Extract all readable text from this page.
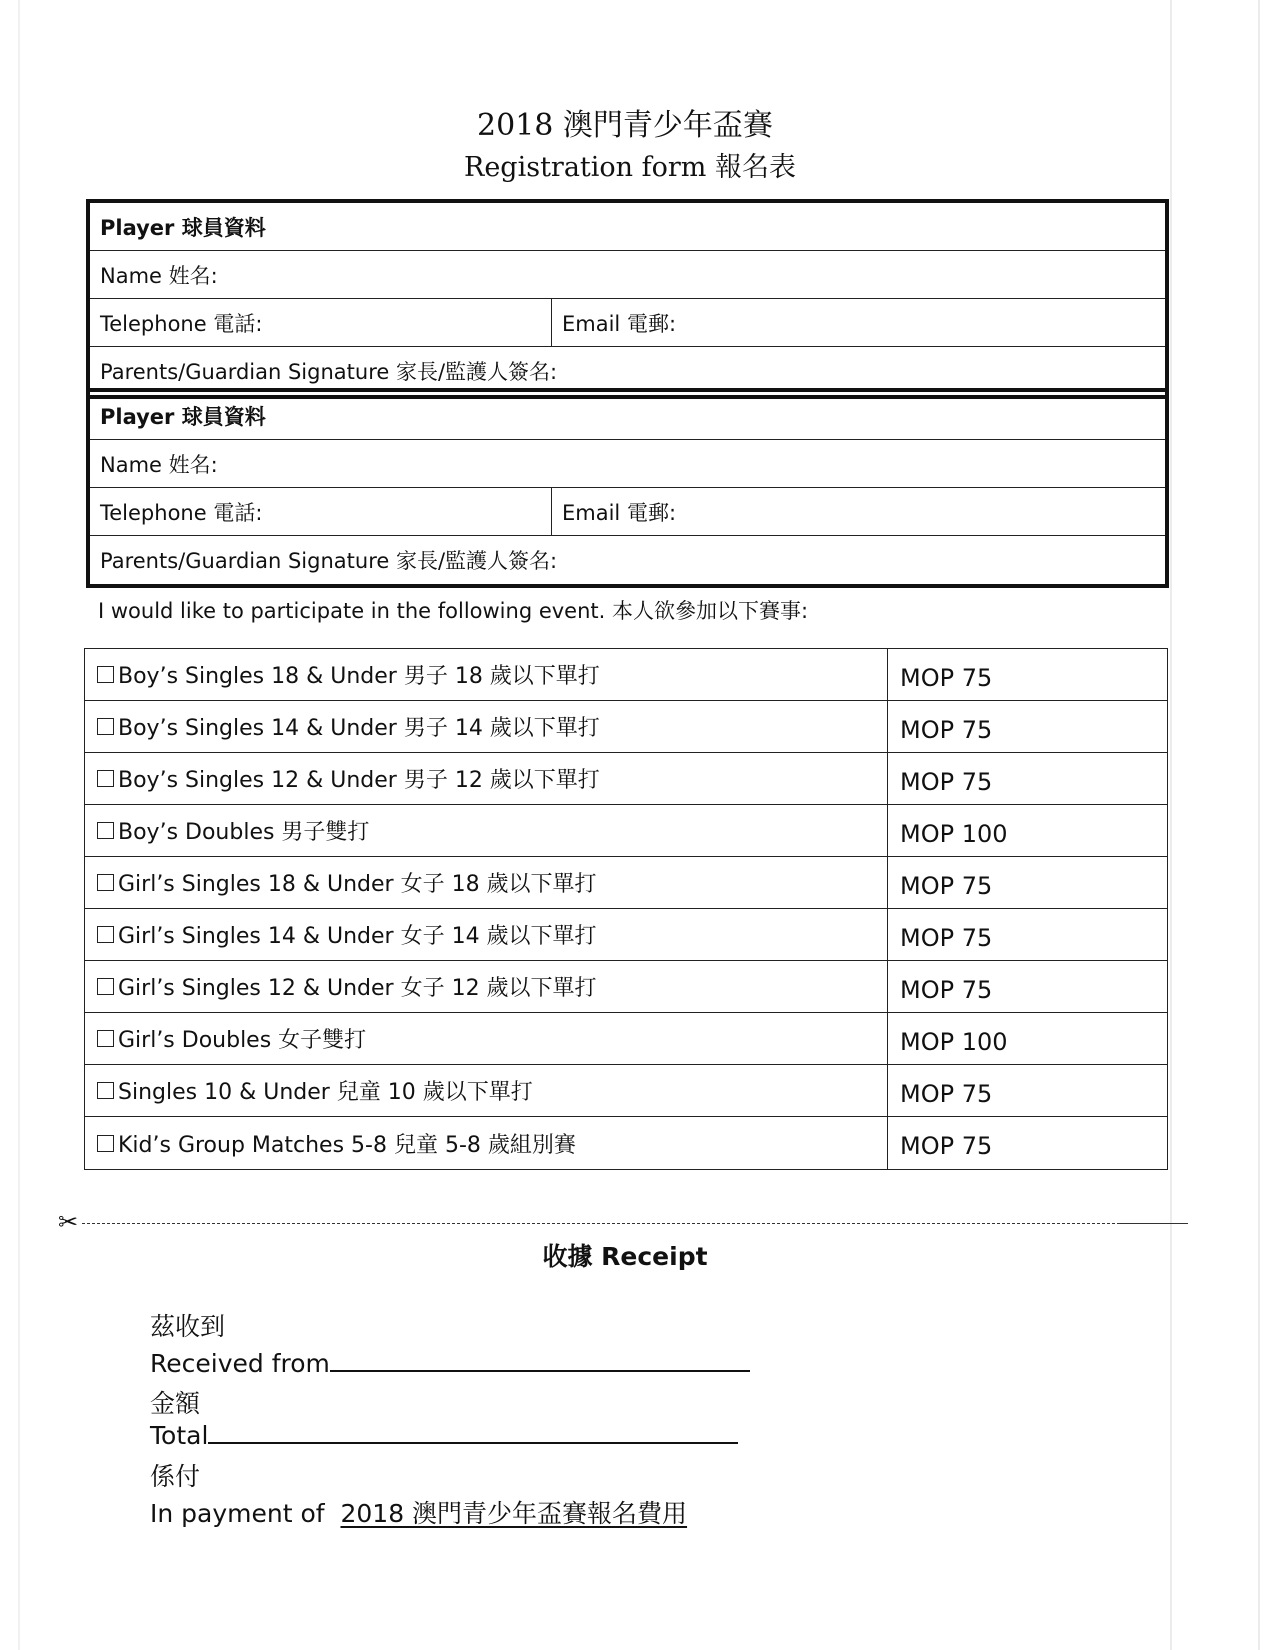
2018 澳門青少年盃賽
Registration form 報名表
Player 球員資料
Name 姓名:
Telephone 電話:	Email 電郵:
Parents/Guardian Signature 家長/監護人簽名:
Player 球員資料
Name 姓名:
Telephone 電話:	Email 電郵:
Parents/Guardian Signature 家長/監護人簽名:
I would like to participate in the following event. 本人欲參加以下賽事:
Boy’s Singles 18 & Under 男子 18 歲以下單打	MOP 75
Boy’s Singles 14 & Under 男子 14 歲以下單打	MOP 75
Boy’s Singles 12 & Under 男子 12 歲以下單打	MOP 75
Boy’s Doubles 男子雙打	MOP 100
Girl’s Singles 18 & Under 女子 18 歲以下單打	MOP 75
Girl’s Singles 14 & Under 女子 14 歲以下單打	MOP 75
Girl’s Singles 12 & Under 女子 12 歲以下單打	MOP 75
Girl’s Doubles 女子雙打	MOP 100
Singles 10 & Under 兒童 10 歲以下單打	MOP 75
Kid’s Group Matches 5-8 兒童 5-8 歲組別賽	MOP 75
✂
收據 Receipt
茲收到
Received from
金額
Total
係付
In payment of 2018 澳門青少年盃賽報名費用
